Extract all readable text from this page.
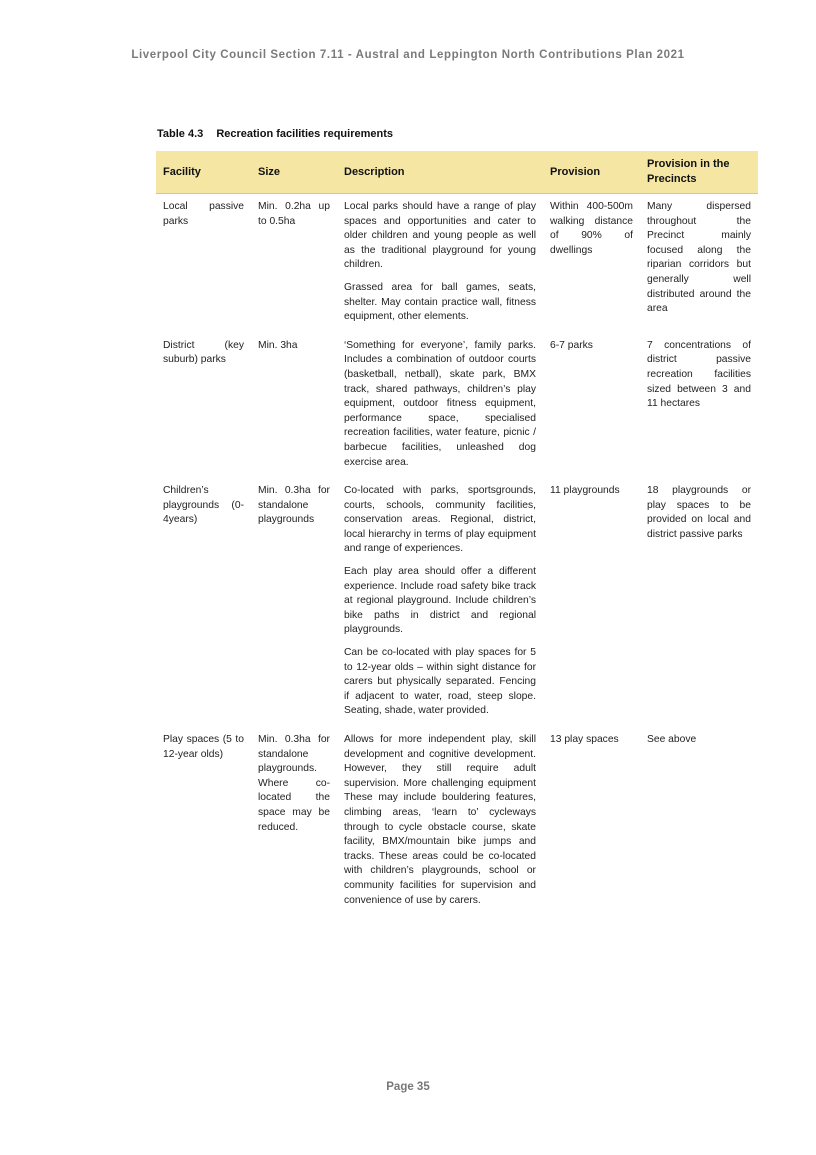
Liverpool City Council Section 7.11 - Austral and Leppington North Contributions Plan 2021
Table 4.3 Recreation facilities requirements
Facility	Size	Description	Provision	Provision in the Precincts
Local passive parks	Min. 0.2ha up to 0.5ha	Local parks should have a range of play spaces and opportunities and cater to older children and young people as well as the traditional playground for young children.

Grassed area for ball games, seats, shelter. May contain practice wall, fitness equipment, other elements.	Within 400-500m walking distance of 90% of dwellings	Many dispersed throughout the Precinct mainly focused along the riparian corridors but generally well distributed around the area
District (key suburb) parks	Min. 3ha	‘Something for everyone’, family parks. Includes a combination of outdoor courts (basketball, netball), skate park, BMX track, shared pathways, children’s play equipment, outdoor fitness equipment, performance space, specialised recreation facilities, water feature, picnic / barbecue facilities, unleashed dog exercise area.	6-7 parks	7 concentrations of district passive recreation facilities sized between 3 and 11 hectares
Children’s playgrounds (0-4years)	Min. 0.3ha for standalone playgrounds	Co-located with parks, sportsgrounds, courts, schools, community facilities, conservation areas. Regional, district, local hierarchy in terms of play equipment and range of experiences.

Each play area should offer a different experience. Include road safety bike track at regional playground. Include children’s bike paths in district and regional playgrounds.

Can be co-located with play spaces for 5 to 12-year olds – within sight distance for carers but physically separated. Fencing if adjacent to water, road, steep slope. Seating, shade, water provided.	11 playgrounds	18 playgrounds or play spaces to be provided on local and district passive parks
Play spaces (5 to 12-year olds)	Min. 0.3ha for standalone playgrounds. Where co-located the space may be reduced.	Allows for more independent play, skill development and cognitive development. However, they still require adult supervision. More challenging equipment These may include bouldering features, climbing areas, ‘learn to’ cycleways through to cycle obstacle course, skate facility, BMX/mountain bike jumps and tracks. These areas could be co-located with children’s playgrounds, school or community facilities for supervision and convenience of use by carers.	13 play spaces	See above
Page 35
